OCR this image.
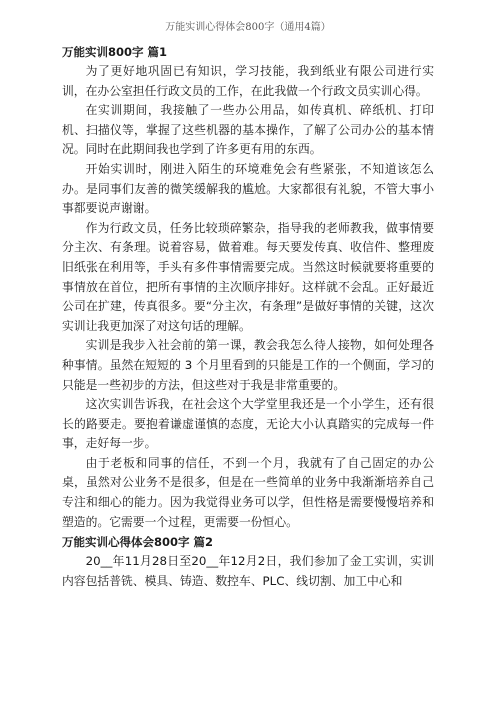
万能实训心得体会800字（通用4篇）
万能实训800字 篇1

为了更好地巩固已有知识，学习技能，我到纸业有限公司进行实训，在办公室担任行政文员的工作，在此我做一个行政文员实训心得。

在实训期间，我接触了一些办公用品，如传真机、碎纸机、打印机、扫描仪等，掌握了这些机器的基本操作，了解了公司办公的基本情况。同时在此期间我也学到了许多更有用的东西。

开始实训时，刚进入陌生的环境难免会有些紧张，不知道该怎么办。是同事们友善的微笑缓解我的尴尬。大家都很有礼貌，不管大事小事都要说声谢谢。

作为行政文员，任务比较琐碎繁杂，指导我的老师教我，做事情要分主次、有条理。说着容易，做着难。每天要发传真、收信件、整理废旧纸张在利用等，手头有多件事情需要完成。当然这时候就要将重要的事情放在首位，把所有事情的主次顺序排好。这样就不会乱。正好最近公司在扩建，传真很多。要“分主次，有条理”是做好事情的关键，这次实训让我更加深了对这句话的理解。

实训是我步入社会前的第一课，教会我怎么待人接物，如何处理各种事情。虽然在短短的 3 个月里看到的只能是工作的一个侧面，学习的只能是一些初步的方法，但这些对于我是非常重要的。

这次实训告诉我，在社会这个大学堂里我还是一个小学生，还有很长的路要走。要抱着谦虚谨慎的态度，无论大小认真踏实的完成每一件事，走好每一步。

由于老板和同事的信任，不到一个月，我就有了自己固定的办公桌，虽然对公业务不是很多，但是在一些简单的业务中我渐渐培养自己专注和细心的能力。因为我觉得业务可以学，但性格是需要慢慢培养和塑造的。它需要一个过程，更需要一份恒心。

万能实训心得体会800字 篇2

20__年11月28日至20__年12月2日，我们参加了金工实训，实训内容包括普铣、模具、铸造、数控车、PLC、线切割、加工中心和
